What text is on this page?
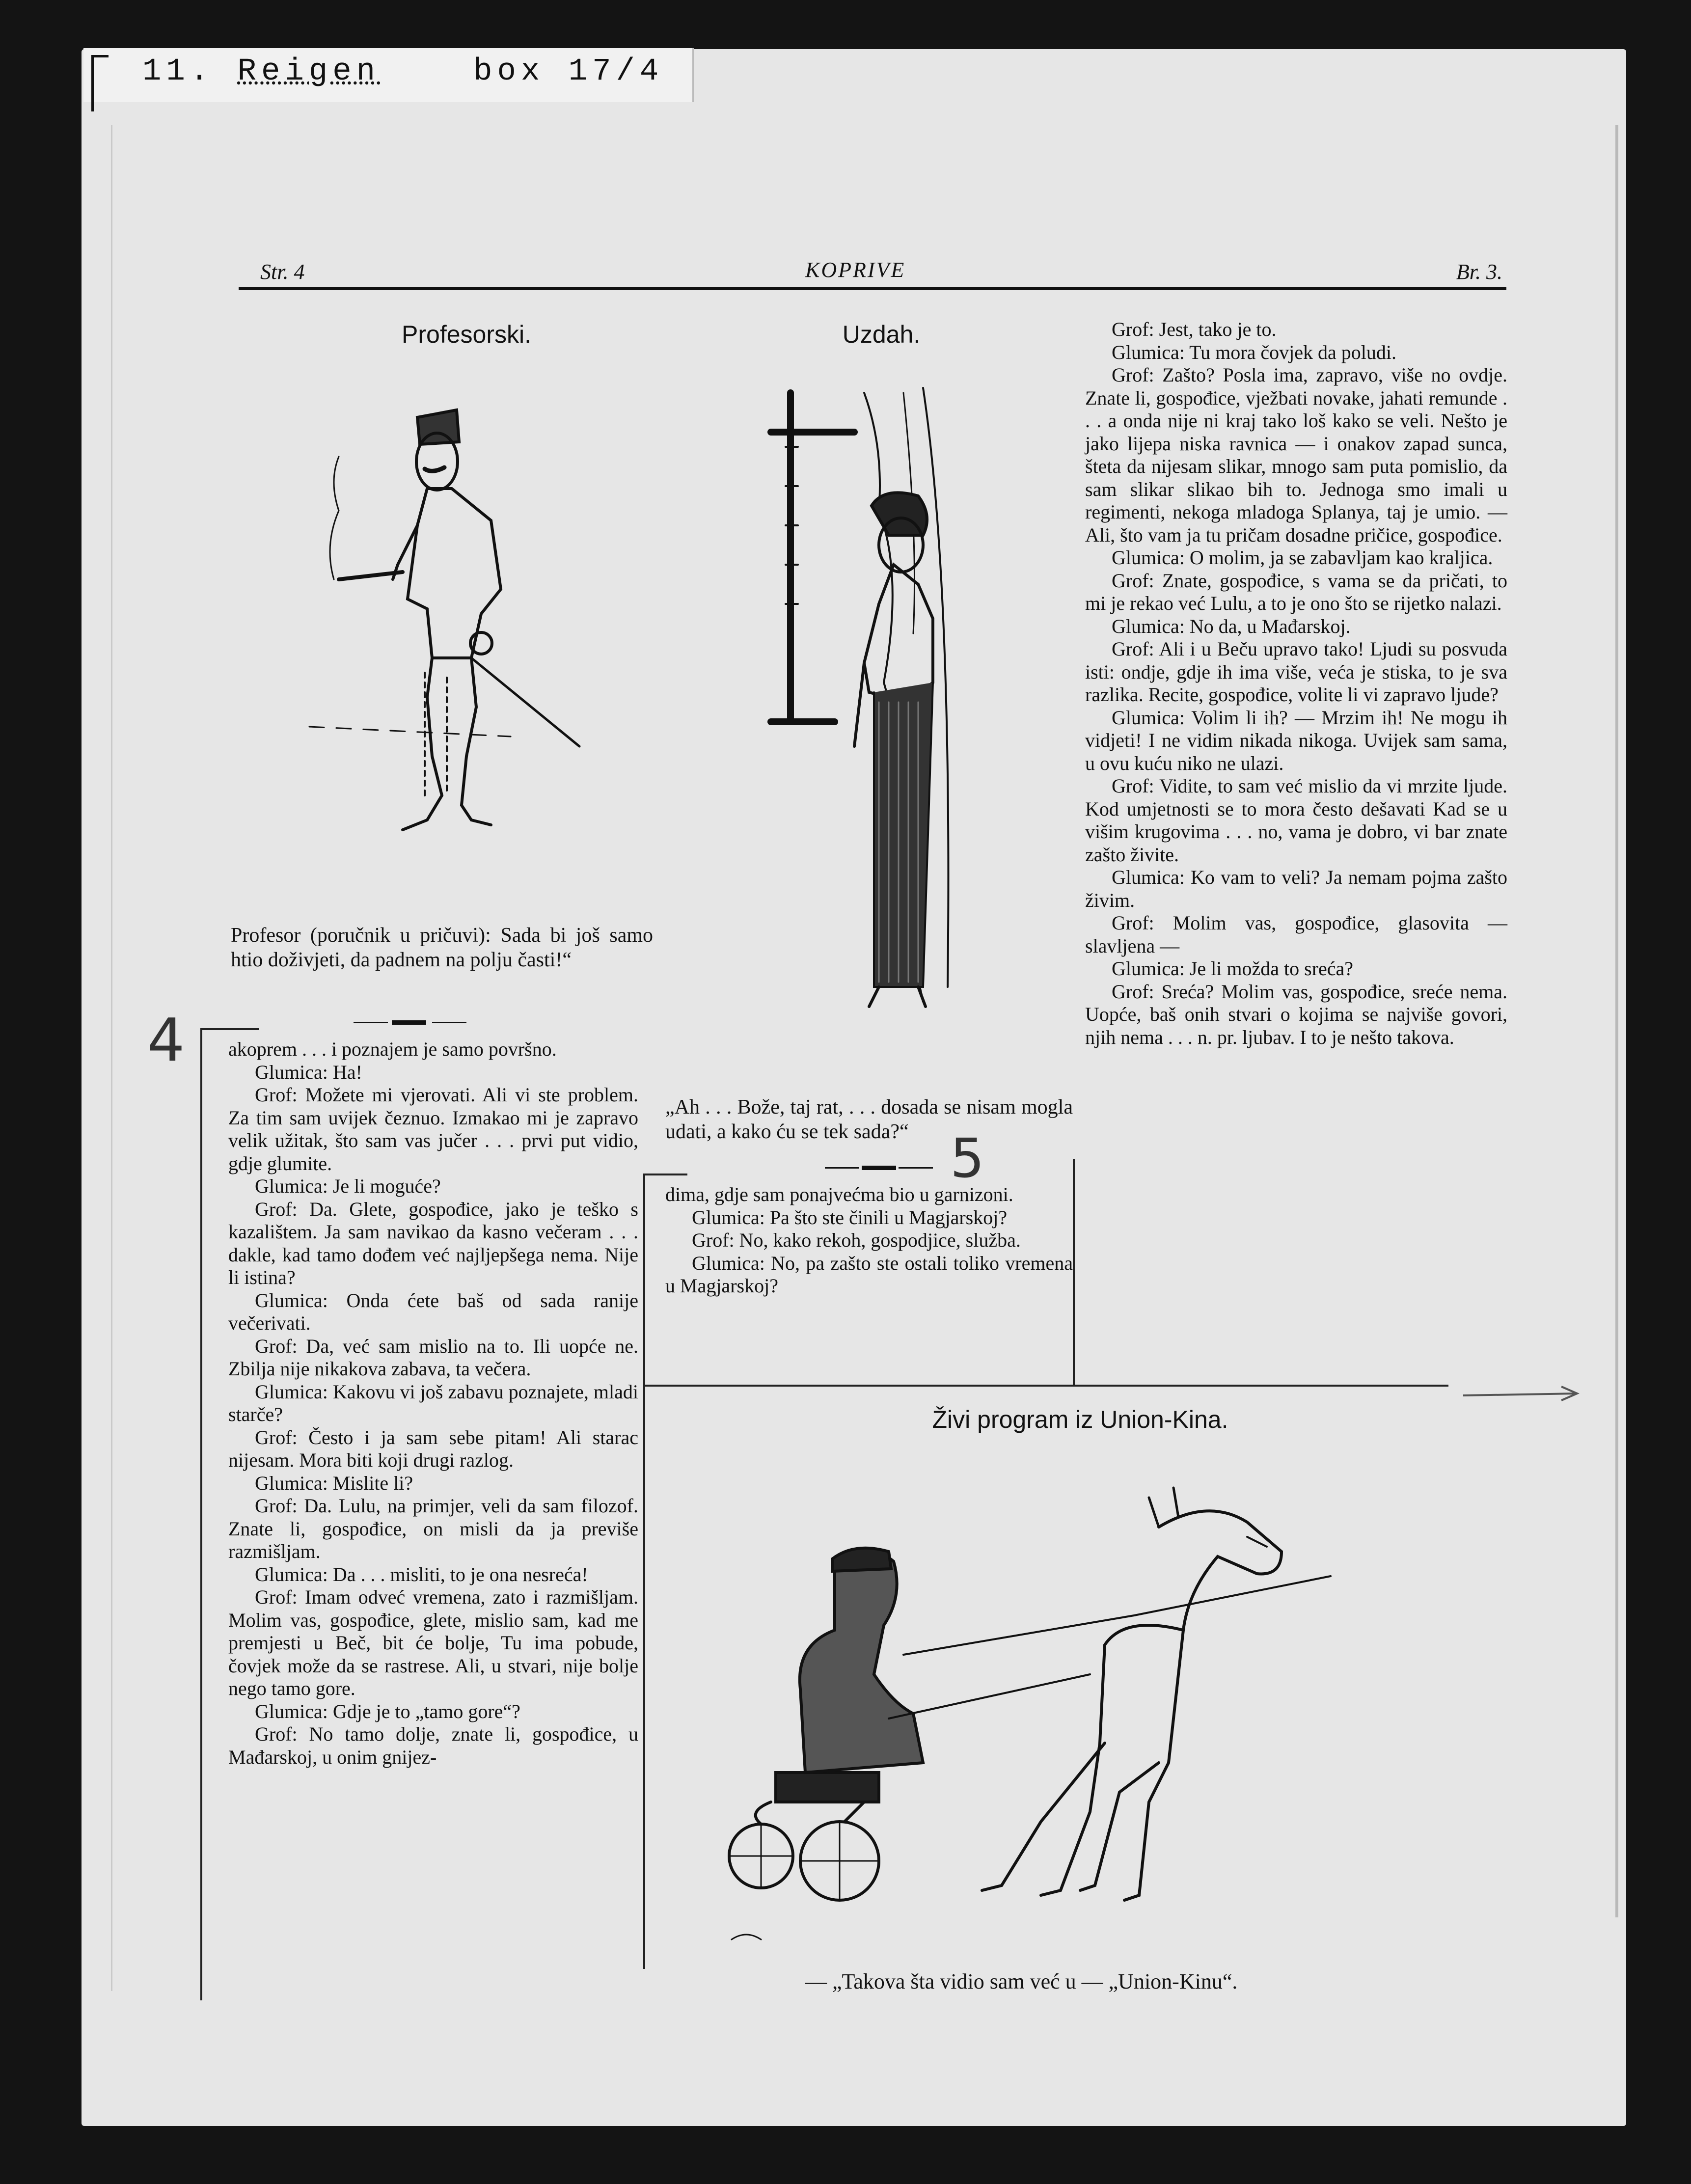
11. Reigen	box 17/4
Str. 4	KOPRIVE	Br. 3.
Profesorski.
Profesor (poručnik u pričuvi): Sada bi još samo htio doživjeti, da padnem na polju časti!“
Uzdah.
„Ah . . . Bože, taj rat, . . . dosada se nisam mogla udati, a kako ću se tek sada?“
4
5

akoprem . . . i poznajem je samo površno.

Glumica: Ha!

Grof: Možete mi vjerovati. Ali vi ste problem. Za tim sam uvijek čeznuo. Izmakao mi je zapravo velik užitak, što sam vas jučer . . . prvi put vidio, gdje glumite.

Glumica: Je li moguće?

Grof: Da. Glete, gospođice, jako je teško s kazalištem. Ja sam navikao da kasno večeram . . . dakle, kad tamo dođem već najljepšega nema. Nije li istina?

Glumica: Onda ćete baš od sada ranije večerivati.

Grof: Da, već sam mislio na to. Ili uopće ne. Zbilja nije nikakova zabava, ta večera.

Glumica: Kakovu vi još zabavu poznajete, mladi starče?

Grof: Često i ja sam sebe pitam! Ali starac nijesam. Mora biti koji drugi razlog.

Glumica: Mislite li?

Grof: Da. Lulu, na primjer, veli da sam filozof. Znate li, gospođice, on misli da ja previše razmišljam.

Glumica: Da . . . misliti, to je ona nesreća!

Grof: Imam odveć vremena, zato i razmišljam. Molim vas, gospođice, glete, mislio sam, kad me premjesti u Beč, bit će bolje, Tu ima pobude, čovjek može da se rastrese. Ali, u stvari, nije bolje nego tamo gore.

Glumica: Gdje je to „tamo gore“?

Grof: No tamo dolje, znate li, gospođice, u Mađarskoj, u onim gnijez-

dima, gdje sam ponajvećma bio u garnizoni.

Glumica: Pa što ste činili u Magjarskoj?

Grof: No, kako rekoh, gospodjice, služba.

Glumica: No, pa zašto ste ostali toliko vremena u Magjarskoj?

Grof: Jest, tako je to.

Glumica: Tu mora čovjek da poludi.

Grof: Zašto? Posla ima, zapravo, više no ovdje. Znate li, gospođice, vježbati novake, jahati remunde . . . a onda nije ni kraj tako loš kako se veli. Nešto je jako lijepa niska ravnica — i onakov zapad sunca, šteta da nijesam slikar, mnogo sam puta pomislio, da sam slikar slikao bih to. Jednoga smo imali u regimenti, nekoga mladoga Splanya, taj je umio. — Ali, što vam ja tu pričam dosadne pričice, gospođice.

Glumica: O molim, ja se zabavljam kao kraljica.

Grof: Znate, gospođice, s vama se da pričati, to mi je rekao već Lulu, a to je ono što se rijetko nalazi.

Glumica: No da, u Mađarskoj.

Grof: Ali i u Beču upravo tako! Ljudi su posvuda isti: ondje, gdje ih ima više, veća je stiska, to je sva razlika. Recite, gospođice, volite li vi zapravo ljude?

Glumica: Volim li ih? — Mrzim ih! Ne mogu ih vidjeti! I ne vidim nikada nikoga. Uvijek sam sama, u ovu kuću niko ne ulazi.

Grof: Vidite, to sam već mislio da vi mrzite ljude. Kod umjetnosti se to mora često dešavati Kad se u višim krugovima . . . no, vama je dobro, vi bar znate zašto živite.

Glumica: Ko vam to veli? Ja nemam pojma zašto živim.

Grof: Molim vas, gospođice, glasovita — slavljena —

Glumica: Je li možda to sreća?

Grof: Sreća? Molim vas, gospođice, sreće nema. Uopće, baš onih stvari o kojima se najviše govori, njih nema . . . n. pr. ljubav. I to je nešto takova.

Živi program iz Union-Kina.
— „Takova šta vidio sam već u — „Union-Kinu“.
